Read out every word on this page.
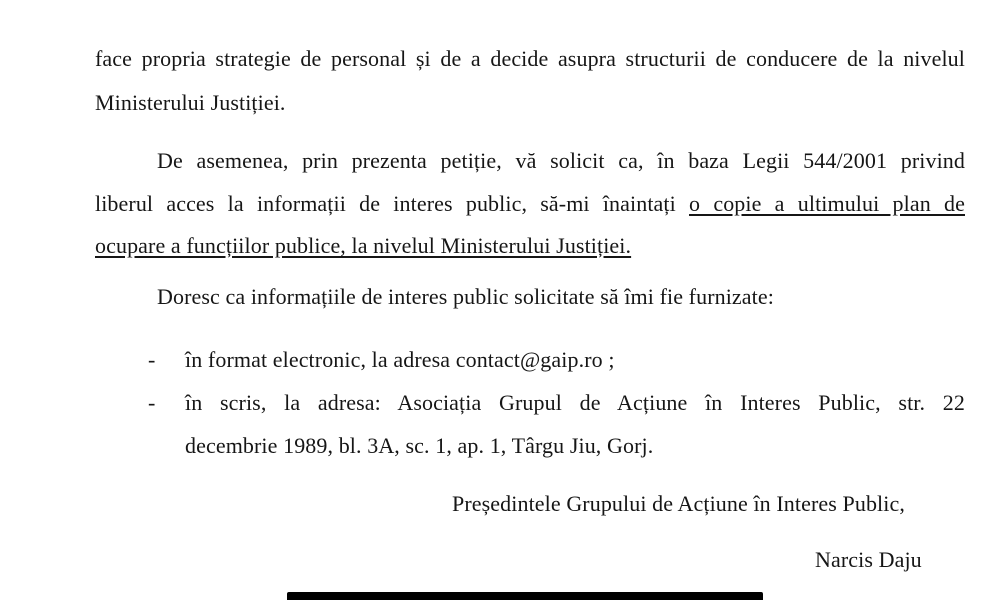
face propria strategie de personal și de a decide asupra structurii de conducere de la nivelul
Ministerului Justiției.
De asemenea, prin prezenta petiție, vă solicit ca, în baza Legii 544/2001 privind
liberul acces la informații de interes public, să-mi înaintați o copie a ultimului plan de
ocupare a funcțiilor publice, la nivelul Ministerului Justiției.
Doresc ca informațiile de interes public solicitate să îmi fie furnizate:
- în format electronic, la adresa contact@gaip.ro ;
- în scris, la adresa: Asociația Grupul de Acțiune în Interes Public, str. 22
decembrie 1989, bl. 3A, sc. 1, ap. 1, Târgu Jiu, Gorj.
Președintele Grupului de Acțiune în Interes Public,
Narcis Daju
